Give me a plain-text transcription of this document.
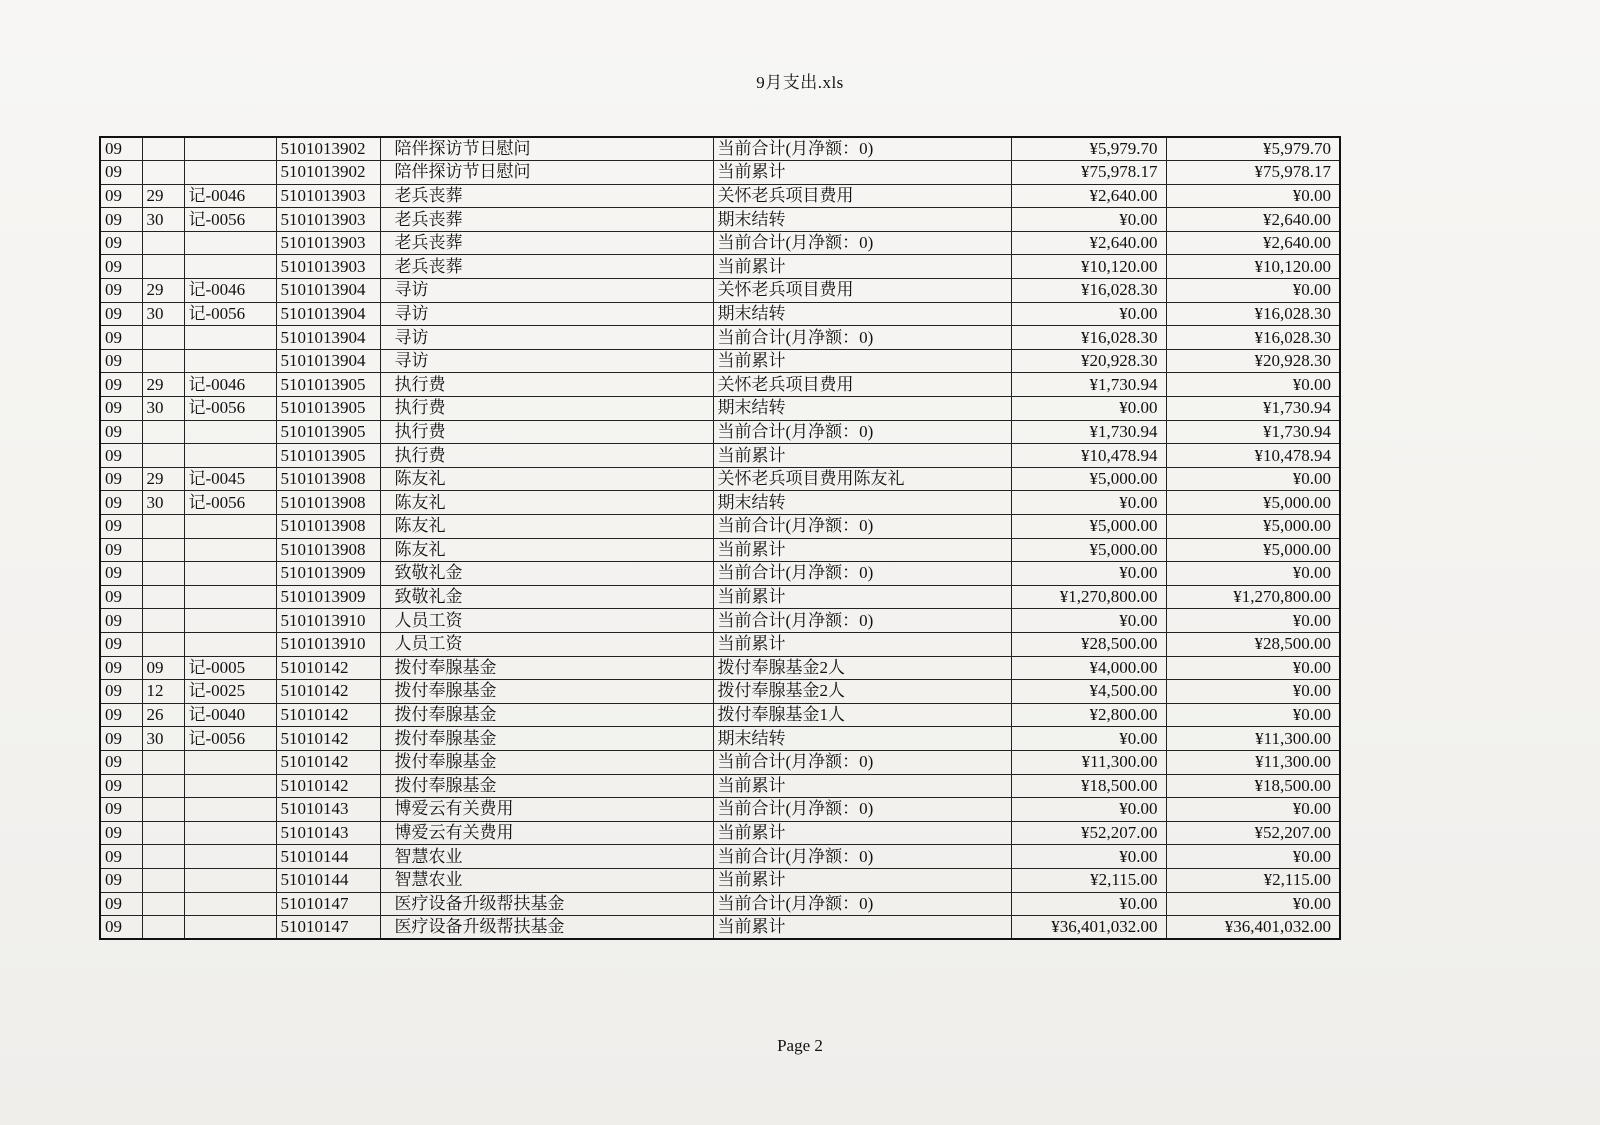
9月支出.xls
09			5101013902	陪伴探访节日慰问	当前合计(月净额：0)	¥5,979.70	¥5,979.70
09			5101013902	陪伴探访节日慰问	当前累计	¥75,978.17	¥75,978.17
09	29	记-0046	5101013903	老兵丧葬	关怀老兵项目费用	¥2,640.00	¥0.00
09	30	记-0056	5101013903	老兵丧葬	期末结转	¥0.00	¥2,640.00
09			5101013903	老兵丧葬	当前合计(月净额：0)	¥2,640.00	¥2,640.00
09			5101013903	老兵丧葬	当前累计	¥10,120.00	¥10,120.00
09	29	记-0046	5101013904	寻访	关怀老兵项目费用	¥16,028.30	¥0.00
09	30	记-0056	5101013904	寻访	期末结转	¥0.00	¥16,028.30
09			5101013904	寻访	当前合计(月净额：0)	¥16,028.30	¥16,028.30
09			5101013904	寻访	当前累计	¥20,928.30	¥20,928.30
09	29	记-0046	5101013905	执行费	关怀老兵项目费用	¥1,730.94	¥0.00
09	30	记-0056	5101013905	执行费	期末结转	¥0.00	¥1,730.94
09			5101013905	执行费	当前合计(月净额：0)	¥1,730.94	¥1,730.94
09			5101013905	执行费	当前累计	¥10,478.94	¥10,478.94
09	29	记-0045	5101013908	陈友礼	关怀老兵项目费用陈友礼	¥5,000.00	¥0.00
09	30	记-0056	5101013908	陈友礼	期末结转	¥0.00	¥5,000.00
09			5101013908	陈友礼	当前合计(月净额：0)	¥5,000.00	¥5,000.00
09			5101013908	陈友礼	当前累计	¥5,000.00	¥5,000.00
09			5101013909	致敬礼金	当前合计(月净额：0)	¥0.00	¥0.00
09			5101013909	致敬礼金	当前累计	¥1,270,800.00	¥1,270,800.00
09			5101013910	人员工资	当前合计(月净额：0)	¥0.00	¥0.00
09			5101013910	人员工资	当前累计	¥28,500.00	¥28,500.00
09	09	记-0005	51010142	拨付奉腺基金	拨付奉腺基金2人	¥4,000.00	¥0.00
09	12	记-0025	51010142	拨付奉腺基金	拨付奉腺基金2人	¥4,500.00	¥0.00
09	26	记-0040	51010142	拨付奉腺基金	拨付奉腺基金1人	¥2,800.00	¥0.00
09	30	记-0056	51010142	拨付奉腺基金	期末结转	¥0.00	¥11,300.00
09			51010142	拨付奉腺基金	当前合计(月净额：0)	¥11,300.00	¥11,300.00
09			51010142	拨付奉腺基金	当前累计	¥18,500.00	¥18,500.00
09			51010143	博爱云有关费用	当前合计(月净额：0)	¥0.00	¥0.00
09			51010143	博爱云有关费用	当前累计	¥52,207.00	¥52,207.00
09			51010144	智慧农业	当前合计(月净额：0)	¥0.00	¥0.00
09			51010144	智慧农业	当前累计	¥2,115.00	¥2,115.00
09			51010147	医疗设备升级帮扶基金	当前合计(月净额：0)	¥0.00	¥0.00
09			51010147	医疗设备升级帮扶基金	当前累计	¥36,401,032.00	¥36,401,032.00
Page 2
